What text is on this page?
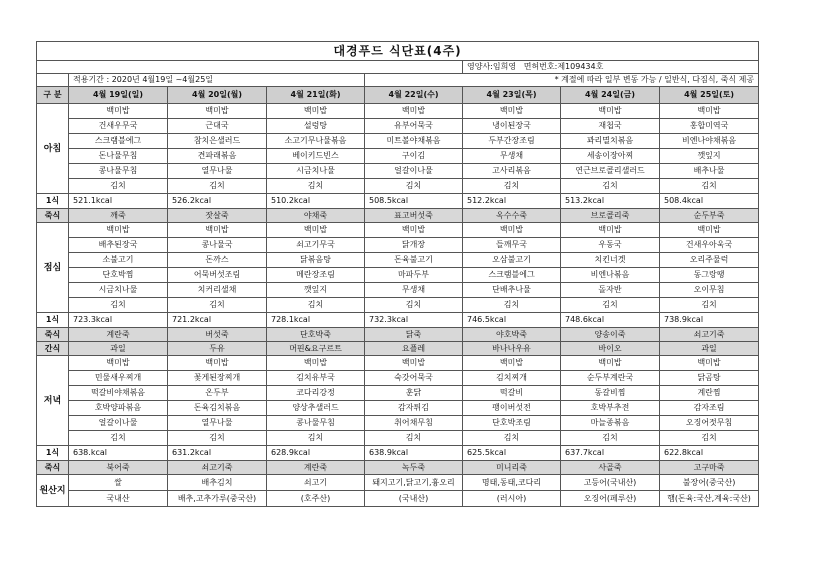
대경푸드 식단표(4주)							
					영양사:임희영 면허번호:제109434호		
	적용기간 : 2020년 4월19일 ~4월25일			* 계절에 따라 일부 변동 가능 / 일반식, 다짐식, 죽식 제공			
구 분	4월 19일(일)	4월 20일(월)	4월 21일(화)	4월 22일(수)	4월 23일(목)	4월 24일(금)	4월 25일(토)
아침	백미밥	백미밥	백미밥	백미밥	백미밥	백미밥	백미밥
	건새우무국	근대국	설렁탕	유부어묵국	냉이된장국	재첩국	홍합미역국
	스크램블에그	참치은샐러드	소고기무나물볶음	미트볼야채볶음	두부간장조림	꽈리멸치볶음	비엔나야채볶음
	돈나물무침	견파래볶음	베이키드빈스	구이김	무생채	세송이장아찌	깻잎지
	콩나물무침	열무나물	시금치나물	얼갈이나물	고사리볶음	연근브로콜리샐러드	배추나물
	김치	김치	김치	김치	김치	김치	김치
1식	521.1kcal	526.2kcal	510.2kcal	508.5kcal	512.2kcal	513.2kcal	508.4kcal
죽식	깨죽	잣살죽	야채죽	표고버섯죽	옥수수죽	브로콜리죽	순두부죽
점심	백미밥	백미밥	백미밥	백미밥	백미밥	백미밥	백미밥
	배추된장국	콩나물국	쇠고기무국	닭개장	들깨무국	우동국	건새우아욱국
	소불고기	돈까스	닭볶음탕	돈육불고기	오삼불고기	치킨너겟	오리주물럭
	단호박찜	어묵버섯조림	메란장조림	마파두부	스크램블에그	비엔나볶음	동그랑땡
	시금치나물	치커리샐채	깻잎지	무생채	단배추나물	돌자반	오이무침
	김치	김치	김치	김치	김치	김치	김치
1식	723.3kcal	721.2kcal	728.1kcal	732.3kcal	746.5kcal	748.6kcal	738.9kcal
죽식	계란죽	버섯죽	단호박죽	닭죽	야호박죽	양송이죽	쇠고기죽
간식	과일	두유	머핀&요구르트	요플레	바나나우유	바이오	과일
저녁	백미밥	백미밥	백미밥	백미밥	백미밥	백미밥	백미밥
	민물새우찌개	꽃게된장찌개	김치유부국	숙갓어묵국	김치찌개	순두부계란국	닭곰탕
	떡갈비야채볶음	온두부	코다리강정	훈닭	떡갈비	동갈비찜	계란찜
	호박양파볶음	돈육김치볶음	양상추샐러드	감자튀김	팽이버섯전	호박부추전	감자조림
	얼갈이나물	열무나물	콩나물무침	취어채무침	단호박조림	마늘종볶음	오징어젓무침
	김치	김치	김치	김치	김치	김치	김치
1식	638.kcal	631.2kcal	628.9kcal	638.9kcal	625.5kcal	637.7kcal	622.8kcal
죽식	북어죽	쇠고기죽	계란죽	녹두죽	미니리죽	사골죽	고구마죽
원산지	쌀	배추김치	쇠고기	돼지고기,닭고기,흉오리	명태,동태,코다리	고등어(국내산)	불장어(중국산)
	국내산	배추,고추가루(중국산)	(호주산)	(국내산)	(러시아)	오징어(페루산)	햄(돈육:국산,계육:국산)
